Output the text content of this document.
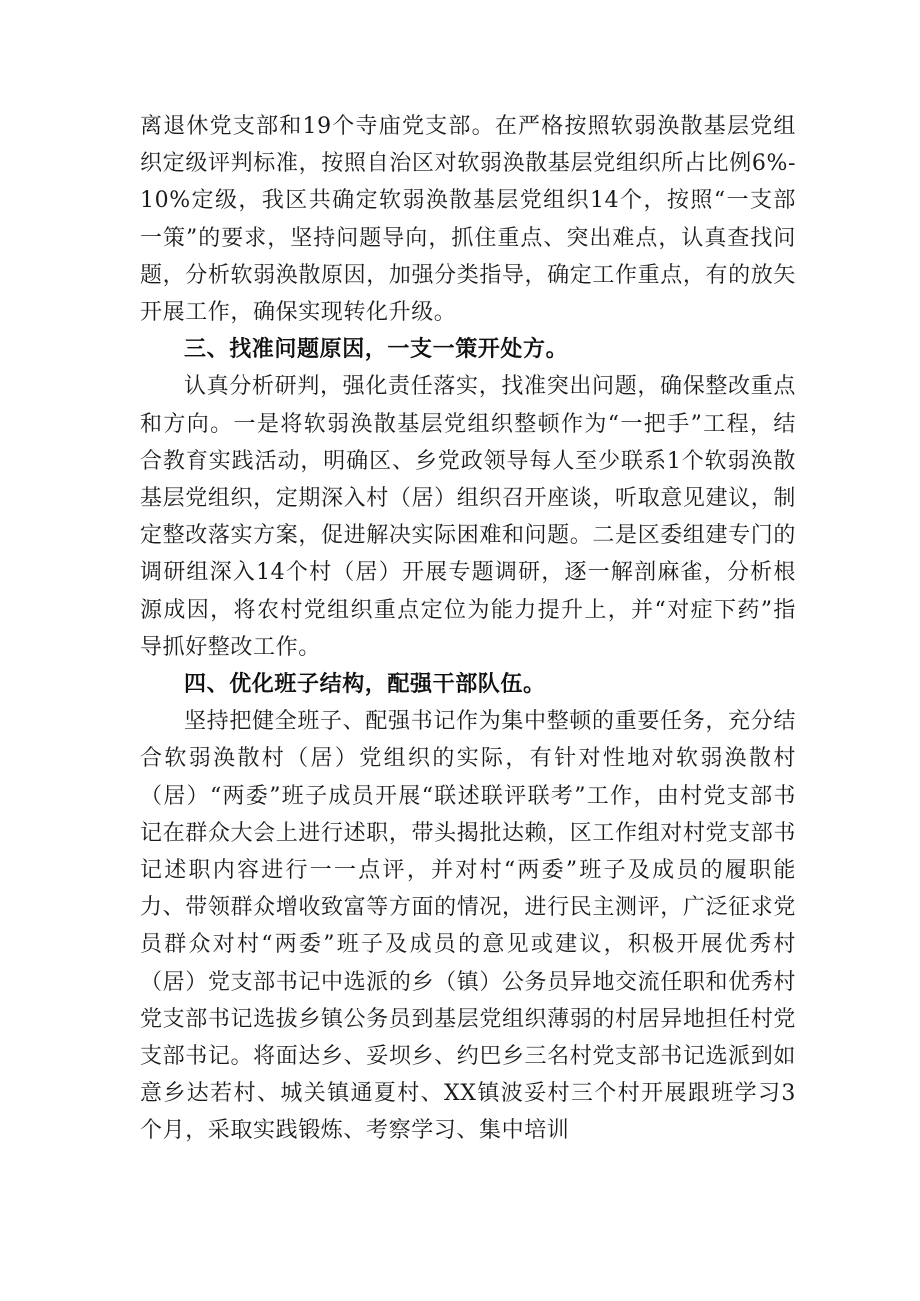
离退休党支部和19个寺庙党支部。在严格按照软弱涣散基层党组织定级评判标准，按照自治区对软弱涣散基层党组织所占比例6%-10%定级，我区共确定软弱涣散基层党组织14个，按照“一支部一策”的要求，坚持问题导向，抓住重点、突出难点，认真查找问题，分析软弱涣散原因，加强分类指导，确定工作重点，有的放矢开展工作，确保实现转化升级。

三、找准问题原因，一支一策开处方。

认真分析研判，强化责任落实，找准突出问题，确保整改重点和方向。一是将软弱涣散基层党组织整顿作为“一把手”工程，结合教育实践活动，明确区、乡党政领导每人至少联系1个软弱涣散基层党组织，定期深入村（居）组织召开座谈，听取意见建议，制定整改落实方案，促进解决实际困难和问题。二是区委组建专门的调研组深入14个村（居）开展专题调研，逐一解剖麻雀，分析根源成因，将农村党组织重点定位为能力提升上，并“对症下药”指导抓好整改工作。

四、优化班子结构，配强干部队伍。

坚持把健全班子、配强书记作为集中整顿的重要任务，充分结合软弱涣散村（居）党组织的实际，有针对性地对软弱涣散村（居）“两委”班子成员开展“联述联评联考”工作，由村党支部书记在群众大会上进行述职，带头揭批达赖，区工作组对村党支部书记述职内容进行一一点评，并对村“两委”班子及成员的履职能力、带领群众增收致富等方面的情况，进行民主测评，广泛征求党员群众对村“两委”班子及成员的意见或建议，积极开展优秀村（居）党支部书记中选派的乡（镇）公务员异地交流任职和优秀村党支部书记选拔乡镇公务员到基层党组织薄弱的村居异地担任村党支部书记。将面达乡、妥坝乡、约巴乡三名村党支部书记选派到如意乡达若村、城关镇通夏村、XX镇波妥村三个村开展跟班学习3个月，采取实践锻炼、考察学习、集中培训
